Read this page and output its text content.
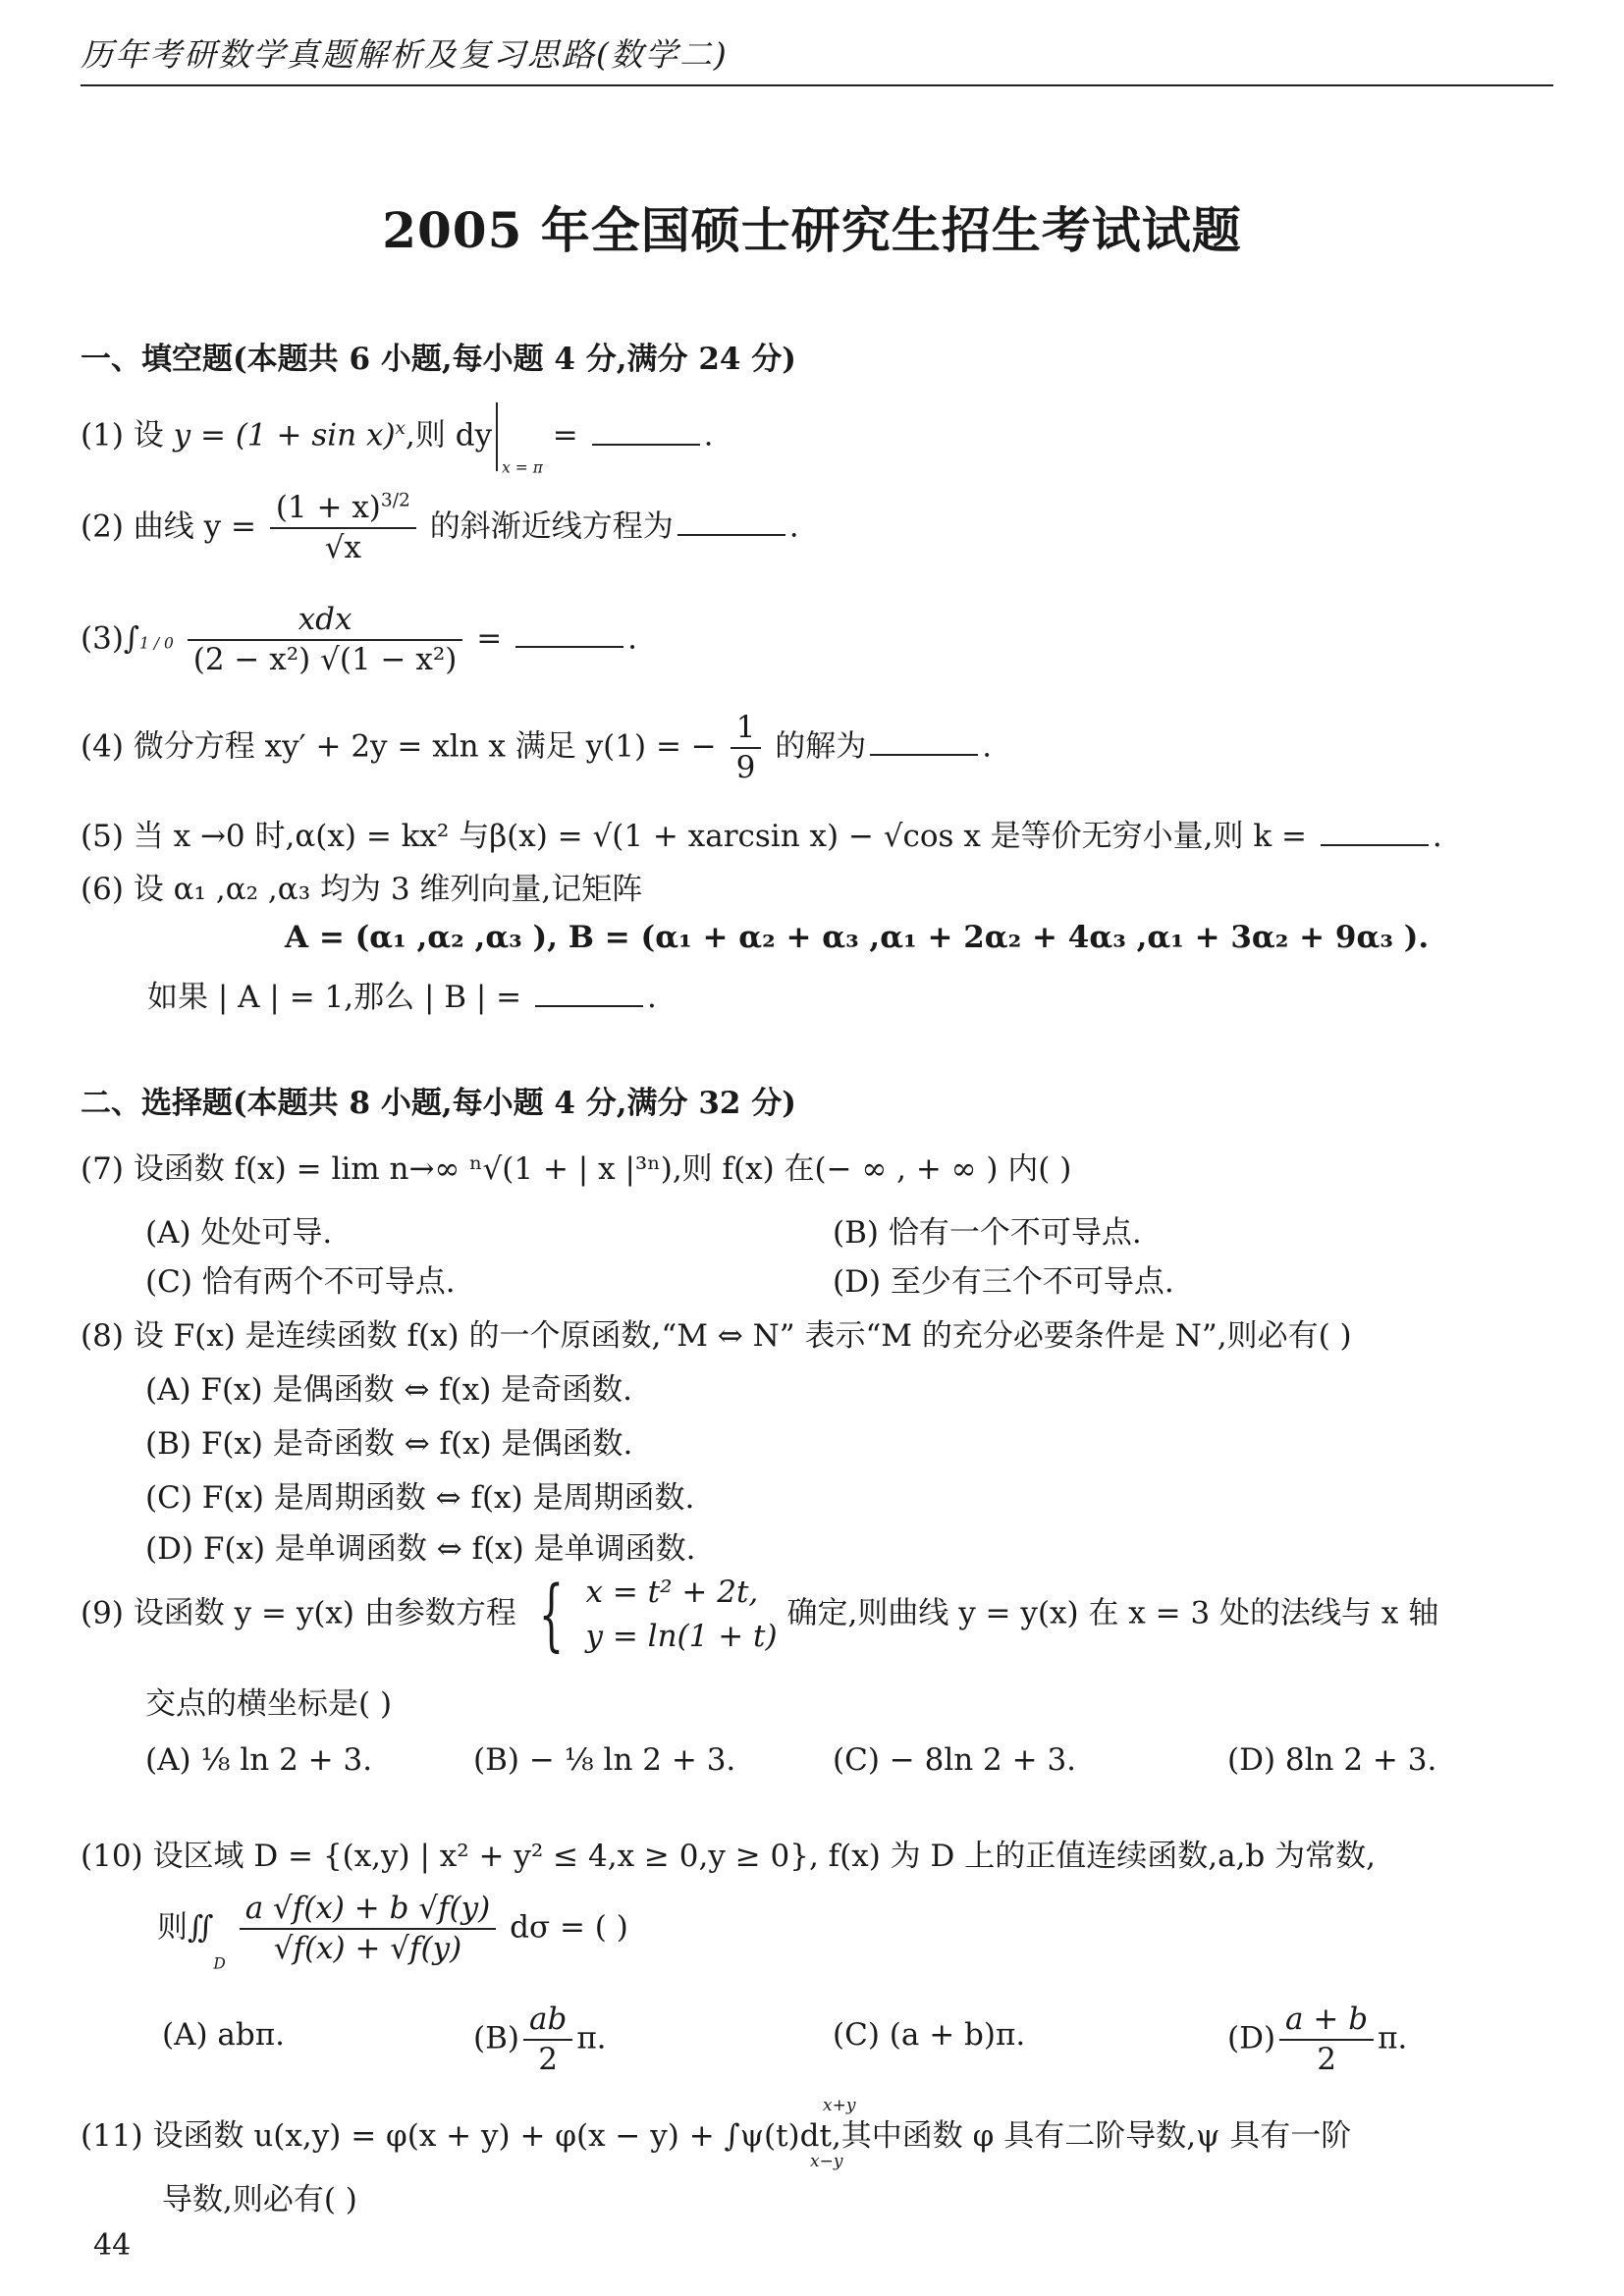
历年考研数学真题解析及复习思路(数学二)
2005 年全国硕士研究生招生考试试题
一、填空题(本题共 6 小题,每小题 4 分,满分 24 分)
(1) 设 $y = (1 + \sin x)^x$,则 $dy_{x = \pi}$ =	.
(2) 曲线 $y = \frac{(1 + x)^{3/2}}{√x}$ 的斜渐近线方程为	.
$(3)\int 1 / 0 \frac{\text{xdx}}{\text{(2 − x²) √(1 − x²)}}$ =	.
(4) 微分方程 xy′ + 2y = xln x 满足 y(1) = − $\frac{1}{9}$ 的解为	.
(5) 当 x →0 时,α(x) = kx² 与β(x) = √(1 + xarcsin x) − √cos x 是等价无穷小量,则 k =	.
(6) 设 α₁ ,α₂ ,α₃ 均为 3 维列向量,记矩阵
A = (α₁ ,α₂ ,α₃ ), B = (α₁ + α₂ + α₃ ,α₁ + 2α₂ + 4α₃ ,α₁ + 3α₂ + 9α₃ ).
如果 | A | = 1,那么 | B | =	.
二、选择题(本题共 8 小题,每小题 4 分,满分 32 分)
(7) 设函数 f(x) = lim n→∞ ⁿ√(1 + | x |³ⁿ),则 f(x) 在(− ∞ , + ∞ ) 内( )
(A) 处处可导.	(B) 恰有一个不可导点.
(C) 恰有两个不可导点.	(D) 至少有三个不可导点.
(8) 设 F(x) 是连续函数 f(x) 的一个原函数,“M ⇔ N” 表示“M 的充分必要条件是 N”,则必有( )
(A) F(x) 是偶函数 ⇔ f(x) 是奇函数.
(B) F(x) 是奇函数 ⇔ f(x) 是偶函数.
(C) F(x) 是周期函数 ⇔ f(x) 是周期函数.
(D) F(x) 是单调函数 ⇔ f(x) 是单调函数.
(9) 设函数 y = y(x) 由参数方程 { x = t² + 2t,
y = ln(1 + t)
确定,则曲线 y = y(x) 在 x = 3 处的法线与 x 轴
交点的横坐标是( )
(A) ⅛ ln 2 + 3.	(B) − ⅛ ln 2 + 3.	(C) − 8ln 2 + 3.	(D) 8ln 2 + 3.
(10) 设区域 D = {(x,y) | x² + y² ≤ 4,x ≥ 0,y ≥ 0}, f(x) 为 D 上的正值连续函数,a,b 为常数,
则$∬_D \frac{a √f(x) + b √f(y)}{√f(x) + √f(y)}$ dσ = ( )
(A) abπ.	$(B) \frac{ab}{2} \pi$.	(C) (a + b)π.	$(D) \frac{a + b}{2} \pi$.
(11) 设函数 u(x,y) = φ(x + y) + φ(x − y) + ∫ψ(t)dt,其中函数 φ 具有二阶导数,ψ 具有一阶
x+y
x−y
导数,则必有( )
44
